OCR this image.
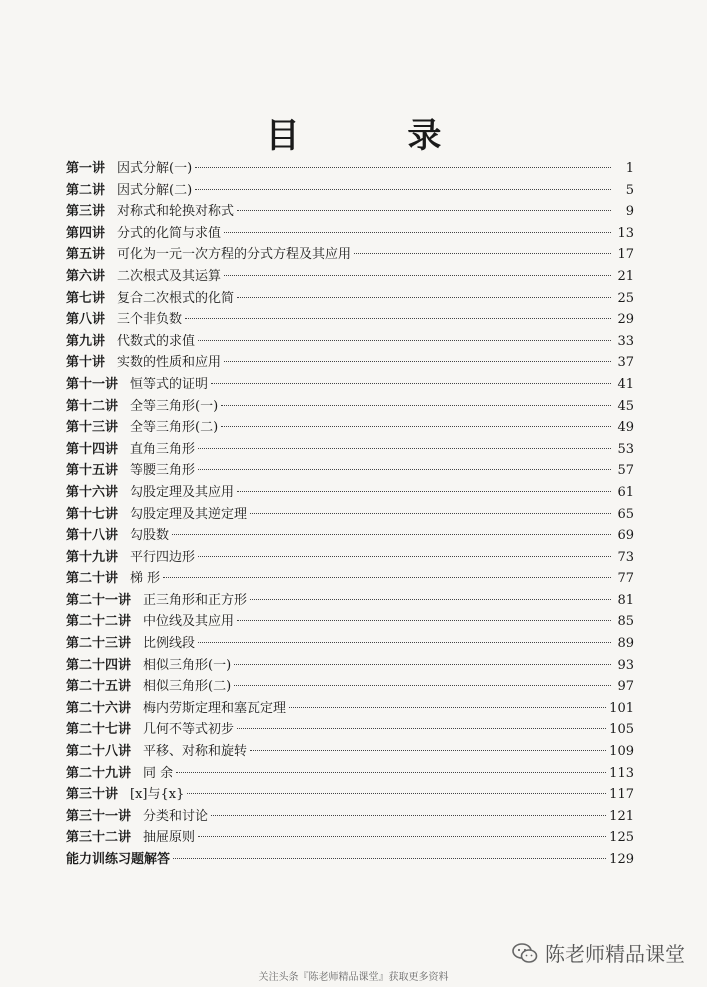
目 录
第一讲 因式分解(一)	1
第二讲 因式分解(二)	5
第三讲 对称式和轮换对称式	9
第四讲 分式的化简与求值	13
第五讲 可化为一元一次方程的分式方程及其应用	17
第六讲 二次根式及其运算	21
第七讲 复合二次根式的化简	25
第八讲 三个非负数	29
第九讲 代数式的求值	33
第十讲 实数的性质和应用	37
第十一讲 恒等式的证明	41
第十二讲 全等三角形(一)	45
第十三讲 全等三角形(二)	49
第十四讲 直角三角形	53
第十五讲 等腰三角形	57
第十六讲 勾股定理及其应用	61
第十七讲 勾股定理及其逆定理	65
第十八讲 勾股数	69
第十九讲 平行四边形	73
第二十讲 梯 形	77
第二十一讲 正三角形和正方形	81
第二十二讲 中位线及其应用	85
第二十三讲 比例线段	89
第二十四讲 相似三角形(一)	93
第二十五讲 相似三角形(二)	97
第二十六讲 梅内劳斯定理和塞瓦定理	101
第二十七讲 几何不等式初步	105
第二十八讲 平移、对称和旋转	109
第二十九讲 同 余	113
第三十讲 [x]与{x}	117
第三十一讲 分类和讨论	121
第三十二讲 抽屉原则	125
能力训练习题解答	129
陈老师精品课堂
关注头条『陈老师精品课堂』获取更多资料
